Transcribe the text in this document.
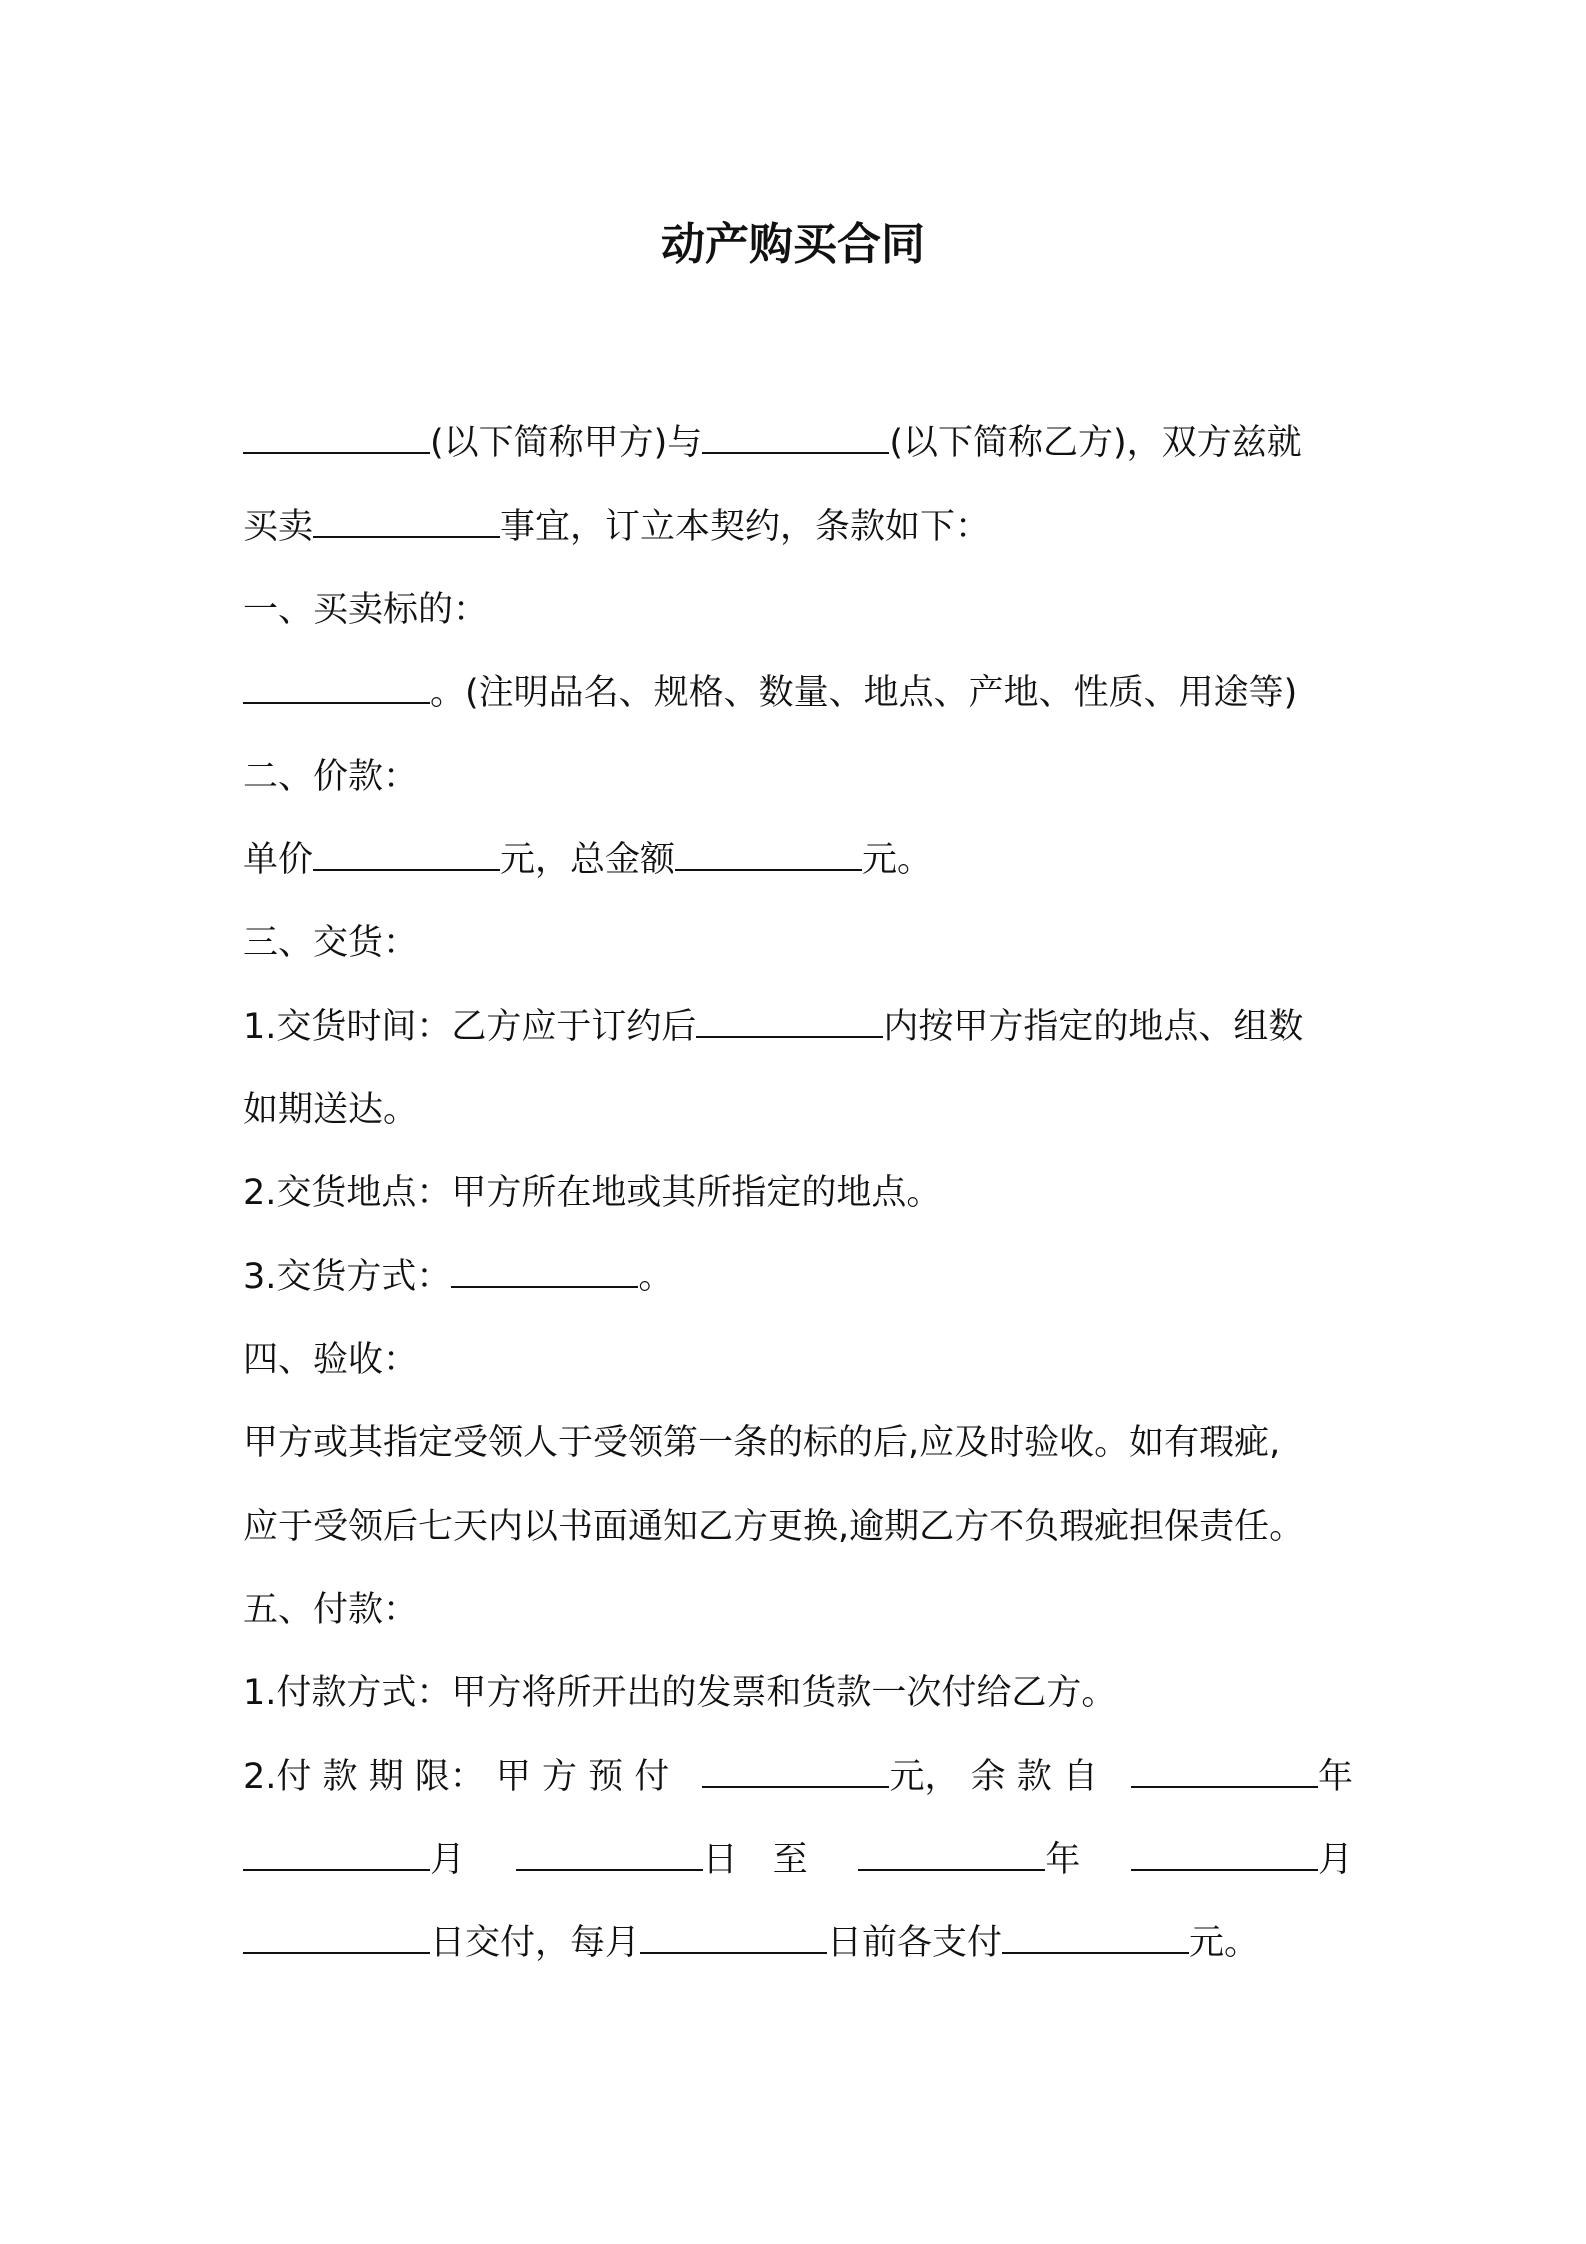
动产购买合同
(以下简称甲方)与	(以下简称乙方)，双方兹就
买卖	事宜，订立本契约，条款如下：
一、买卖标的：
。(注明品名、规格、数量、地点、产地、性质、用途等)
二、价款：
单价	元，总金额	元。
三、交货：
1.交货时间：乙方应于订约后	内按甲方指定的地点、组数
如期送达。
2.交货地点：甲方所在地或其所指定的地点。
3.交货方式：	。
四、验收：
甲方或其指定受领人于受领第一条的标的后,应及时验收。如有瑕疵,
应于受领后七天内以书面通知乙方更换,逾期乙方不负瑕疵担保责任。
五、付款：
1.付款方式：甲方将所开出的发票和货款一次付给乙方。
2.付 款 期 限： 甲 方 预 付	元， 余 款 自	年
月	日　至	年	月
日交付，每月	日前各支付	元。
